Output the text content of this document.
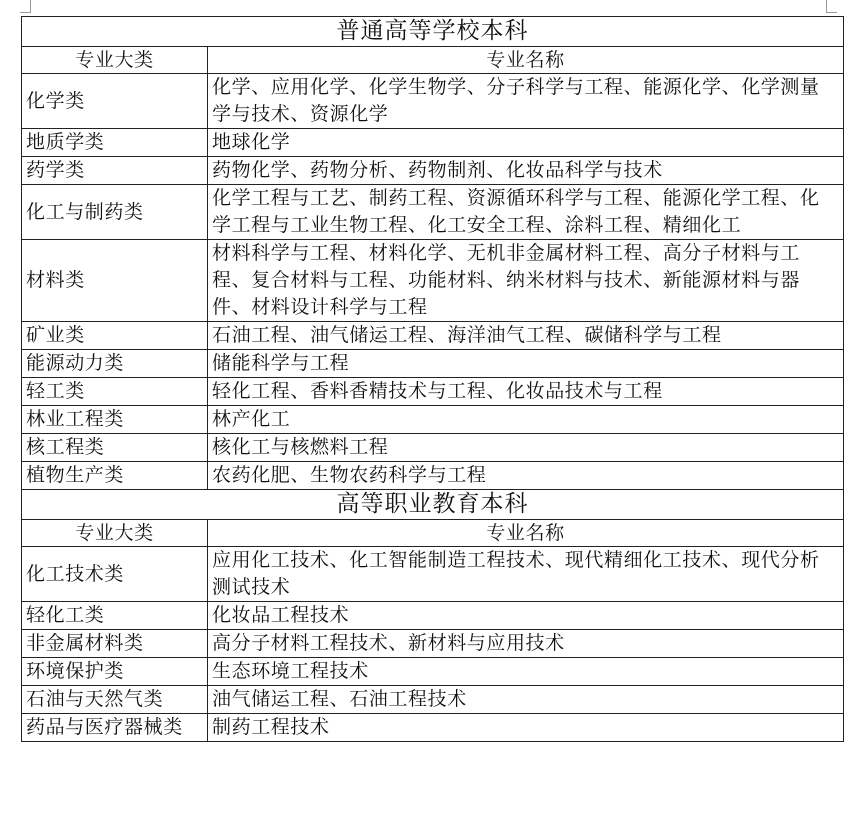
普通高等学校本科	
专业大类	专业名称
化学类	化学、应用化学、化学生物学、分子科学与工程、能源化学、化学测量学与技术、资源化学
地质学类	地球化学
药学类	药物化学、药物分析、药物制剂、化妆品科学与技术
化工与制药类	化学工程与工艺、制药工程、资源循环科学与工程、能源化学工程、化学工程与工业生物工程、化工安全工程、涂料工程、精细化工
材料类	材料科学与工程、材料化学、无机非金属材料工程、高分子材料与工程、复合材料与工程、功能材料、纳米材料与技术、新能源材料与器件、材料设计科学与工程
矿业类	石油工程、油气储运工程、海洋油气工程、碳储科学与工程
能源动力类	储能科学与工程
轻工类	轻化工程、香料香精技术与工程、化妆品技术与工程
林业工程类	林产化工
核工程类	核化工与核燃料工程
植物生产类	农药化肥、生物农药科学与工程
高等职业教育本科	
专业大类	专业名称
化工技术类	应用化工技术、化工智能制造工程技术、现代精细化工技术、现代分析测试技术
轻化工类	化妆品工程技术
非金属材料类	高分子材料工程技术、新材料与应用技术
环境保护类	生态环境工程技术
石油与天然气类	油气储运工程、石油工程技术
药品与医疗器械类	制药工程技术
